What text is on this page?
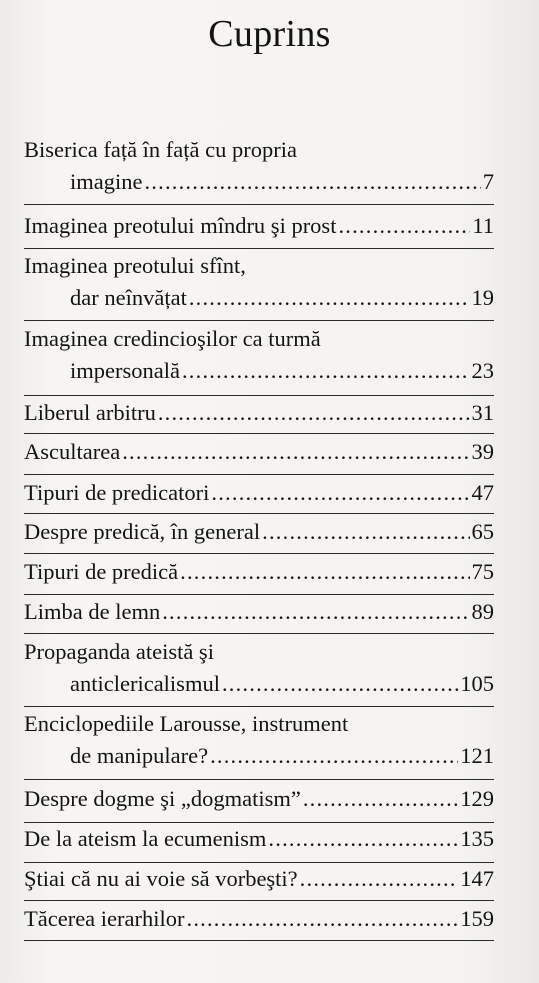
Cuprins
Biserica față în față cu propria
imagine .....	7
Imaginea preotului mîndru şi prost .....	11
Imaginea preotului sfînt,
dar neînvățat .....	19
Imaginea credincioşilor ca turmă
impersonală .....	23
Liberul arbitru .....	31
Ascultarea .....	39
Tipuri de predicatori .....	47
Despre predică, în general .....	65
Tipuri de predică .....	75
Limba de lemn .....	89
Propaganda ateistă şi
anticlericalismul .....	105
Enciclopediile Larousse, instrument
de manipulare? .....	121
Despre dogme şi „dogmatism” .....	129
De la ateism la ecumenism .....	135
Ştiai că nu ai voie să vorbeşti? .....	147
Tăcerea ierarhilor .....	159
